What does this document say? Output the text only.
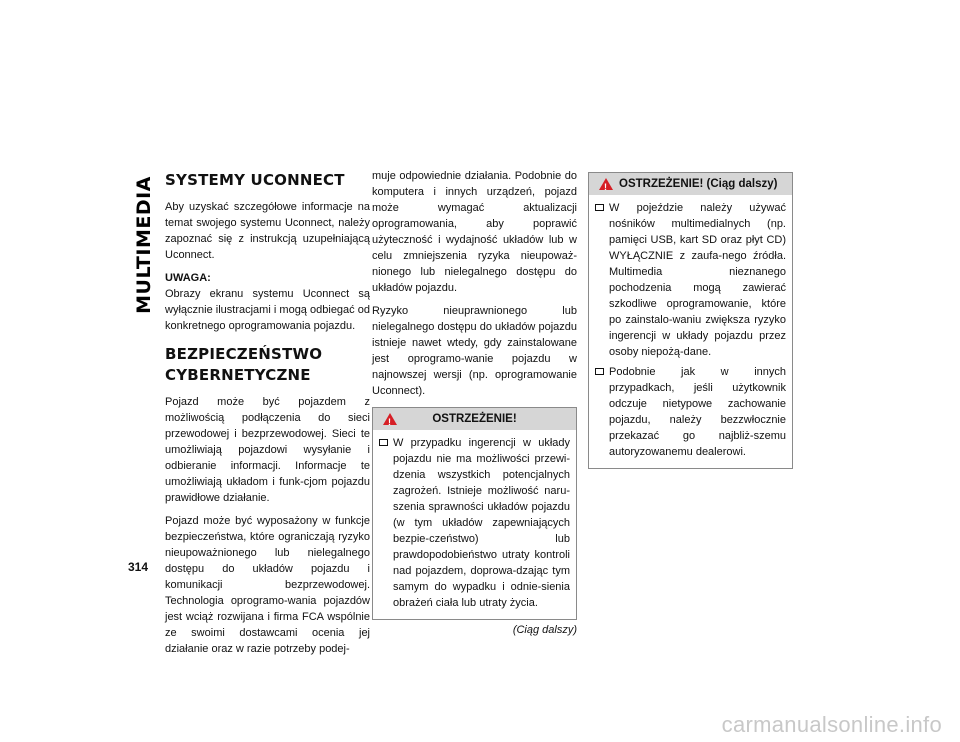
MULTIMEDIA SYSTEMY UCONNECT

Aby uzyskać szczegółowe informacje na temat swojego systemu Uconnect, należy zapoznać się z instrukcją uzupełniającą Uconnect.

UWAGA:

Obrazy ekranu systemu Uconnect są wyłącznie ilustracjami i mogą odbiegać od konkretnego oprogramowania pojazdu.

BEZPIECZEŃSTWO CYBERNETYCZNE

Pojazd może być pojazdem z możliwością podłączenia do sieci przewodowej i bezprzewodowej. Sieci te umożliwiają pojazdowi wysyłanie i odbieranie informacji. Informacje te umożliwiają układom i funk-cjom pojazdu prawidłowe działanie.

Pojazd może być wyposażony w funkcje bezpieczeństwa, które ograniczają ryzyko nieupoważnionego lub nielegalnego dostępu do układów pojazdu i komunikacji bezprzewodowej. Technologia oprogramo-wania pojazdów jest wciąż rozwijana i firma FCA wspólnie ze swoimi dostawcami ocenia jej działanie oraz w razie potrzeby podej-

muje odpowiednie działania. Podobnie do komputera i innych urządzeń, pojazd może wymagać aktualizacji oprogramowania, aby poprawić użyteczność i wydajność układów lub w celu zmniejszenia ryzyka nieupoważ-nionego lub nielegalnego dostępu do układów pojazdu.

Ryzyko nieuprawnionego lub nielegalnego dostępu do układów pojazdu istnieje nawet wtedy, gdy zainstalowane jest oprogramo-wanie pojazdu w najnowszej wersji (np. oprogramowanie Uconnect).

!
OSTRZEŻENIE!

W przypadku ingerencji w układy pojazdu nie ma możliwości przewi-dzenia wszystkich potencjalnych zagrożeń. Istnieje możliwość naru-szenia sprawności układów pojazdu (w tym układów zapewniających bezpie-czeństwo) lub prawdopodobieństwo utraty kontroli nad pojazdem, doprowa-dzając tym samym do wypadku i odnie-sienia obrażeń ciała lub utraty życia.

(Ciąg dalszy)
!
OSTRZEŻENIE! (Ciąg dalszy)

W pojeździe należy używać nośników multimedialnych (np. pamięci USB, kart SD oraz płyt CD) WYŁĄCZNIE z zaufa-nego źródła. Multimedia nieznanego pochodzenia mogą zawierać szkodliwe oprogramowanie, które po zainstalo-waniu zwiększa ryzyko ingerencji w układy pojazdu przez osoby niepożą-dane.

Podobnie jak w innych przypadkach, jeśli użytkownik odczuje nietypowe zachowanie pojazdu, należy bezzwłocznie przekazać go najbliż-szemu autoryzowanemu dealerowi.

314
carmanualsonline.info
